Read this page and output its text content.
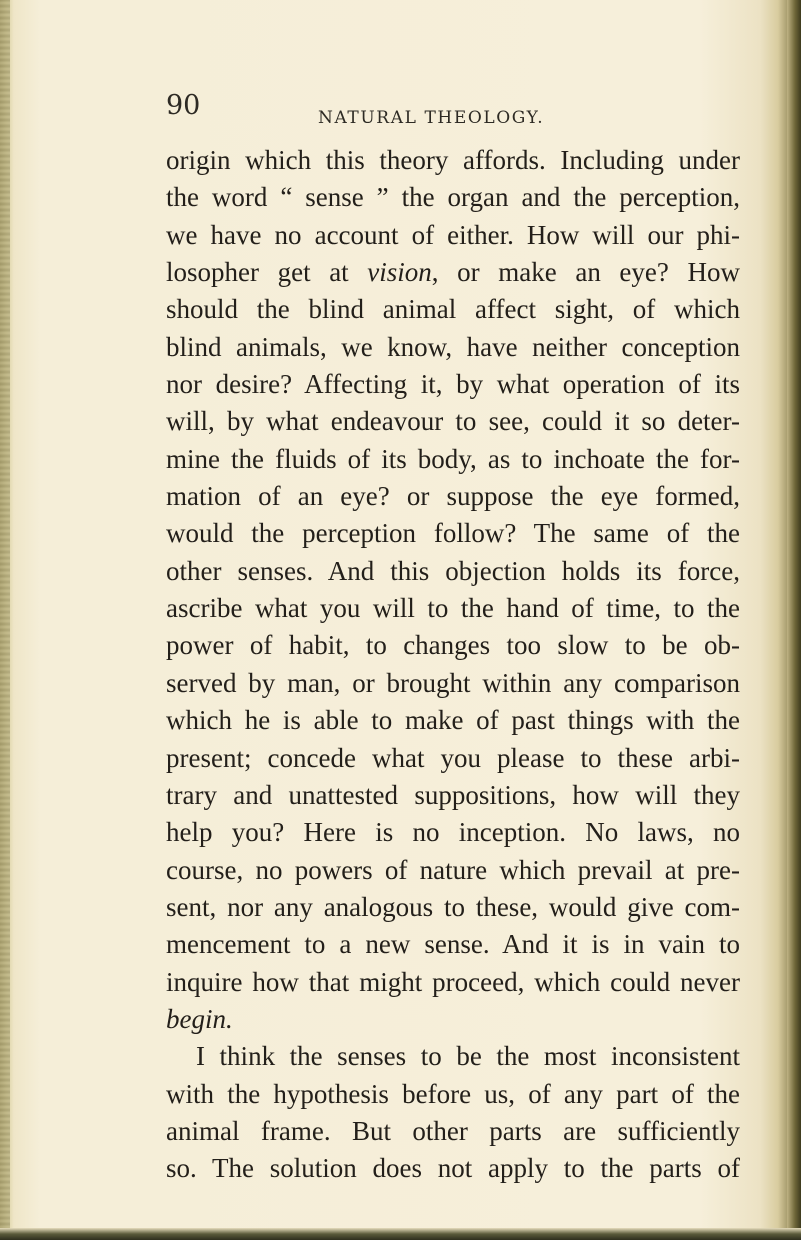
90	NATURAL THEOLOGY.
origin which this theory affords. Including under
the word “ sense ” the organ and the perception,
we have no account of either. How will our phi-
losopher get at vision, or make an eye? How
should the blind animal affect sight, of which
blind animals, we know, have neither conception
nor desire? Affecting it, by what operation of its
will, by what endeavour to see, could it so deter-
mine the fluids of its body, as to inchoate the for-
mation of an eye? or suppose the eye formed,
would the perception follow? The same of the
other senses. And this objection holds its force,
ascribe what you will to the hand of time, to the
power of habit, to changes too slow to be ob-
served by man, or brought within any comparison
which he is able to make of past things with the
present; concede what you please to these arbi-
trary and unattested suppositions, how will they
help you? Here is no inception. No laws, no
course, no powers of nature which prevail at pre-
sent, nor any analogous to these, would give com-
mencement to a new sense. And it is in vain to
inquire how that might proceed, which could never
begin.
I think the senses to be the most inconsistent
with the hypothesis before us, of any part of the
animal frame. But other parts are sufficiently
so. The solution does not apply to the parts of
